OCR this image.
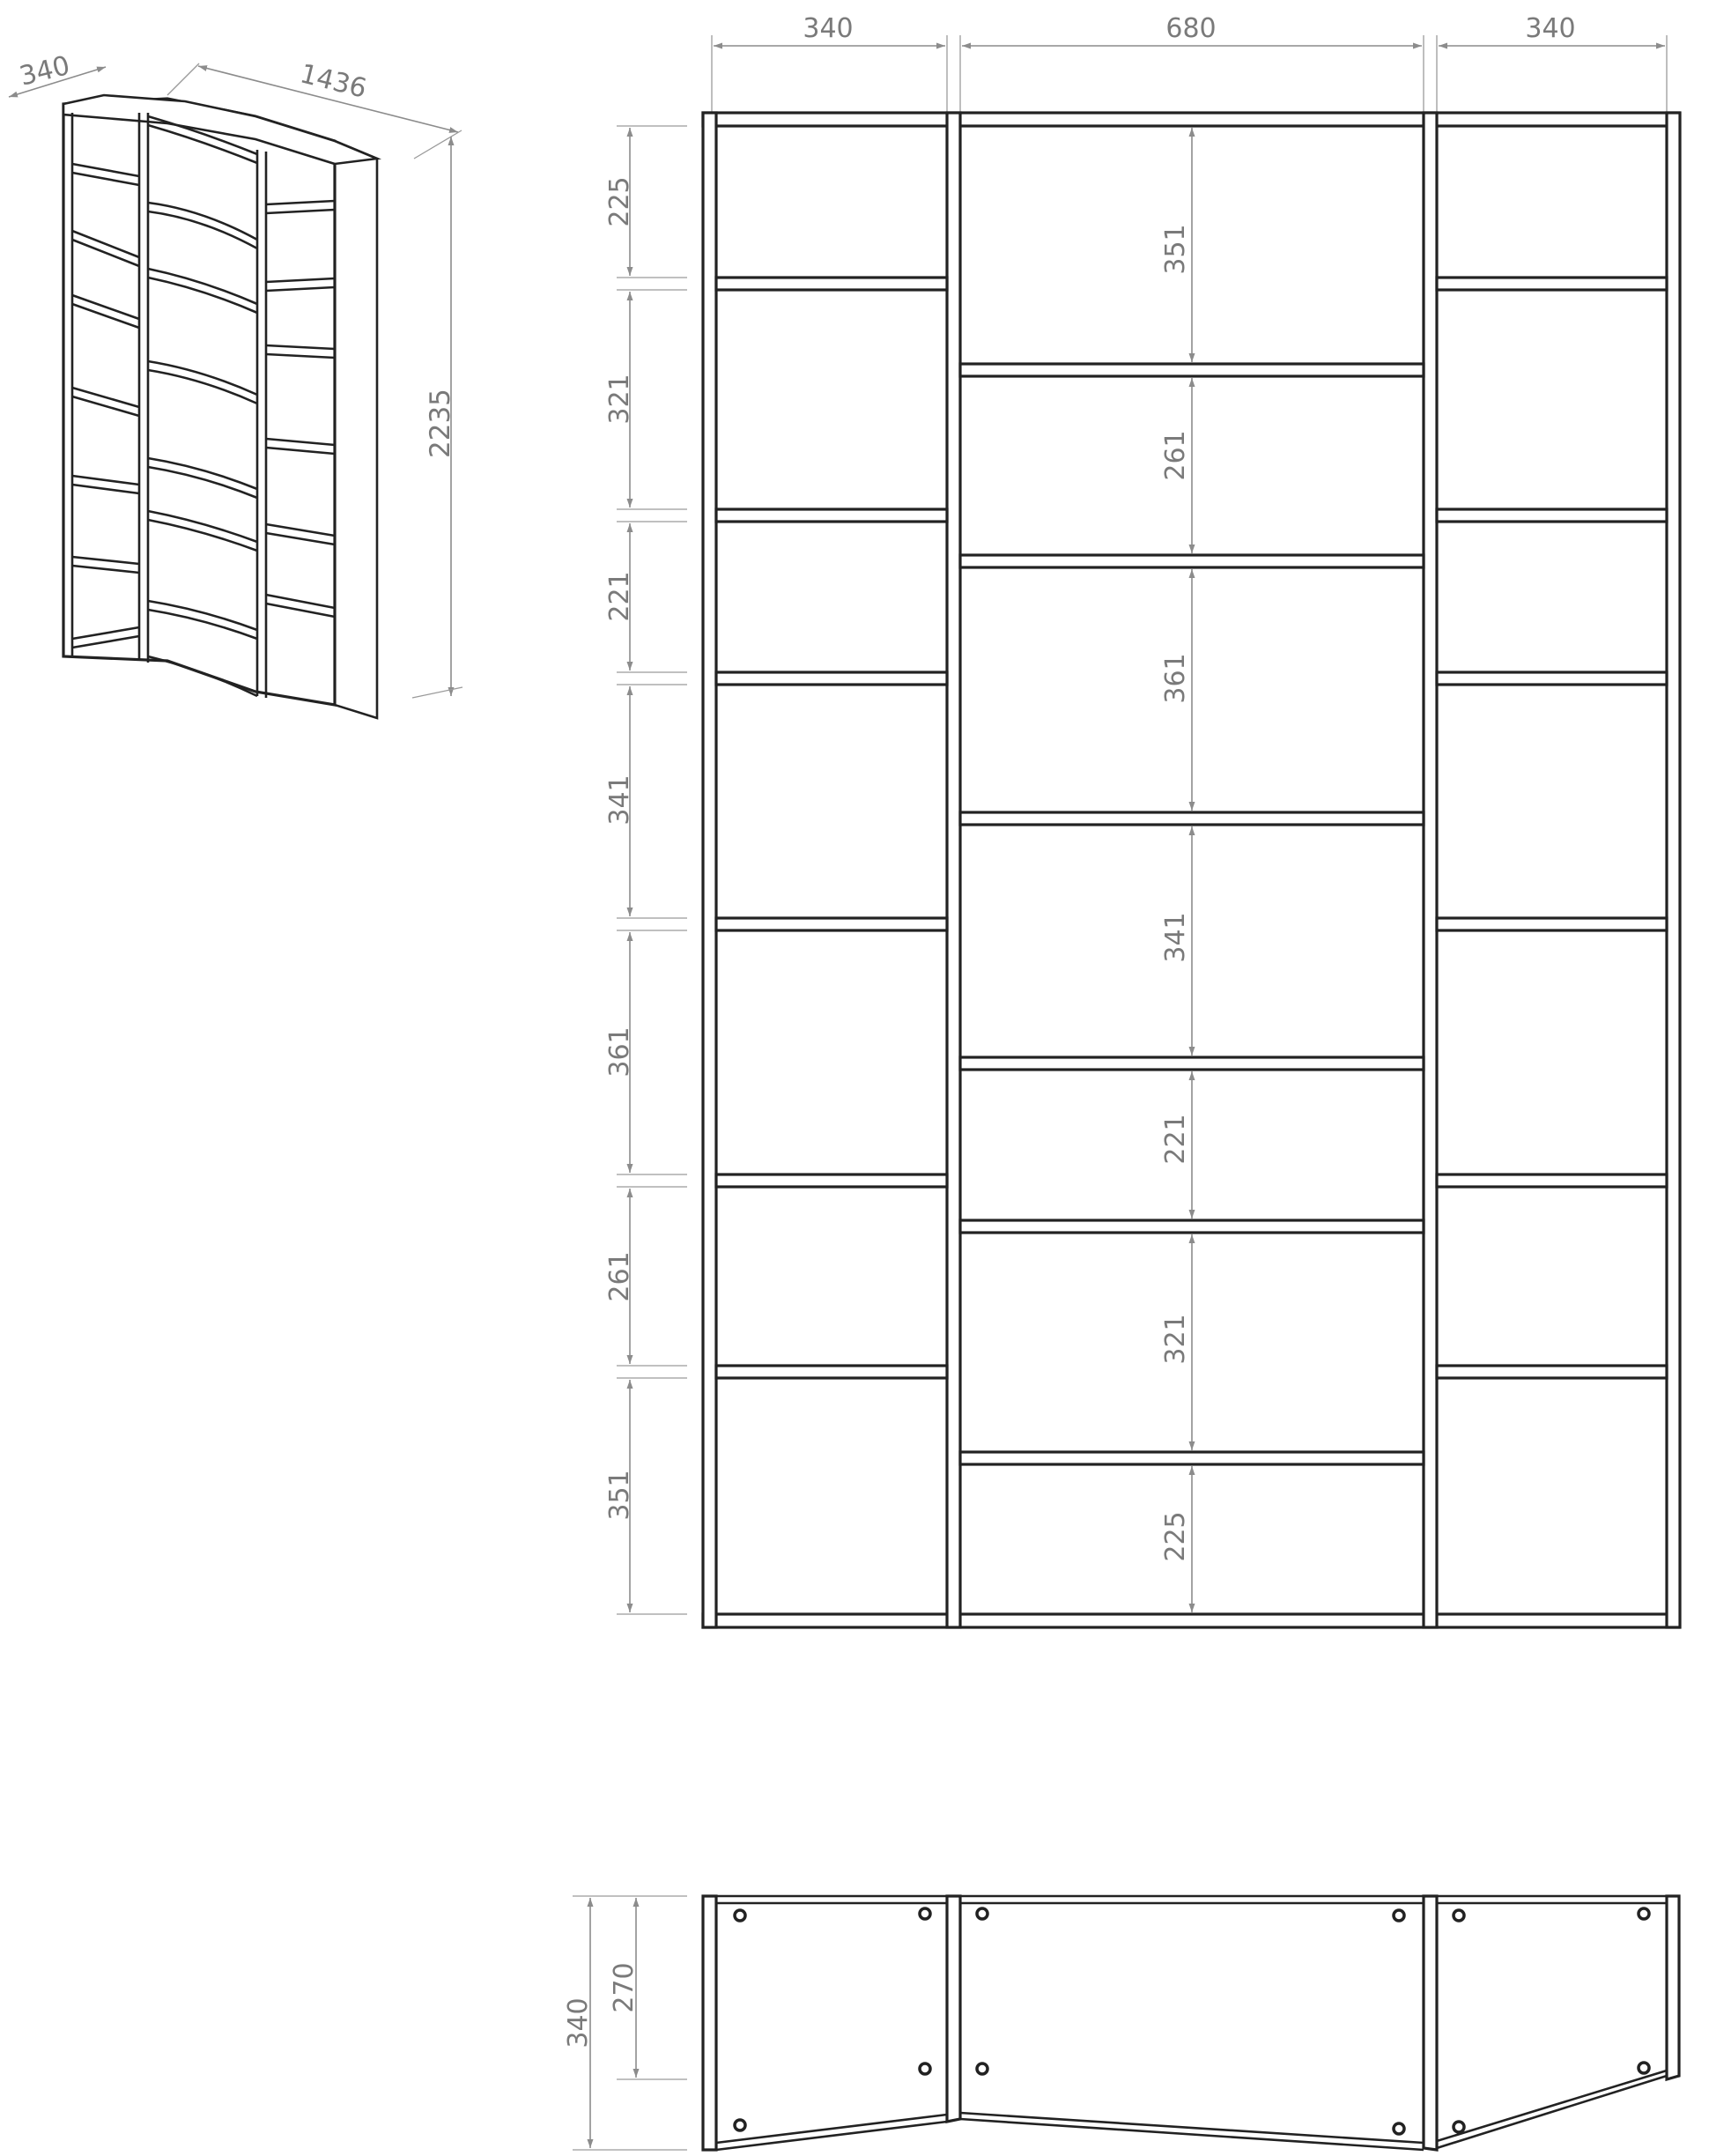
340	1436
2235
340	680	340
225
321
221
341
361
261
351
351
261
361
341
221
321
225
340
270
